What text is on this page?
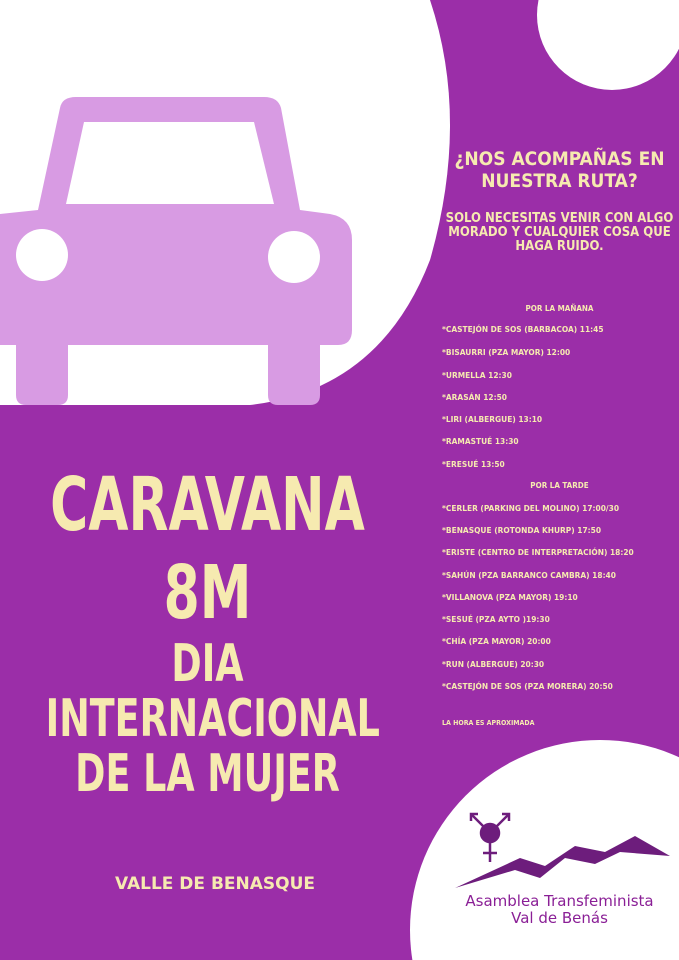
CARAVANA
8M
DIA
INTERNACIONAL
DE LA MUJER
VALLE DE BENASQUE
¿NOS ACOMPAÑAS EN NUESTRA RUTA?
SOLO NECESITAS VENIR CON ALGO MORADO Y CUALQUIER COSA QUE HAGA RUIDO.
POR LA MAÑANA
*CASTEJÓN DE SOS (BARBACOA) 11:45
*BISAURRI (PZA MAYOR) 12:00
*URMELLA 12:30
*ARASÁN 12:50
*LIRI (ALBERGUE) 13:10
*RAMASTUÉ 13:30
*ERESUÉ 13:50
POR LA TARDE
*CERLER (PARKING DEL MOLINO) 17:00/30
*BENASQUE (ROTONDA KHURP) 17:50
*ERISTE (CENTRO DE INTERPRETACIÓN) 18:20
*SAHÚN (PZA BARRANCO CAMBRA) 18:40
*VILLANOVA (PZA MAYOR) 19:10
*SESUÉ (PZA AYTO )19:30
*CHÍA (PZA MAYOR) 20:00
*RUN (ALBERGUE) 20:30
*CASTEJÓN DE SOS (PZA MORERA) 20:50
LA HORA ES APROXIMADA
Asamblea Transfeminista
Val de Benás
